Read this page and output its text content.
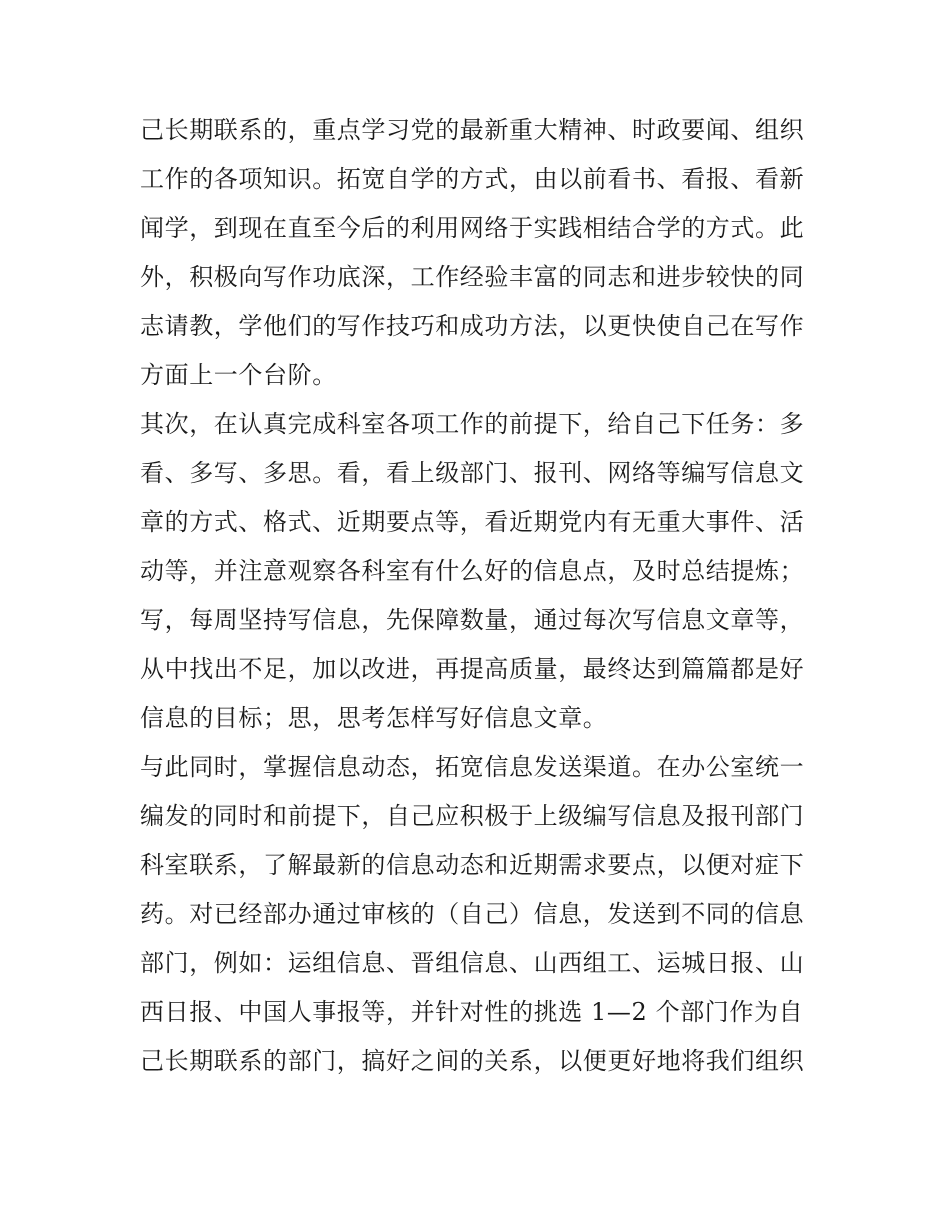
己长期联系的，重点学习党的最新重大精神、时政要闻、组织
工作的各项知识。拓宽自学的方式，由以前看书、看报、看新
闻学，到现在直至今后的利用网络于实践相结合学的方式。此
外，积极向写作功底深，工作经验丰富的同志和进步较快的同
志请教，学他们的写作技巧和成功方法，以更快使自己在写作
方面上一个台阶。
其次，在认真完成科室各项工作的前提下，给自己下任务：多
看、多写、多思。看，看上级部门、报刊、网络等编写信息文
章的方式、格式、近期要点等，看近期党内有无重大事件、活
动等，并注意观察各科室有什么好的信息点，及时总结提炼；
写，每周坚持写信息，先保障数量，通过每次写信息文章等，
从中找出不足，加以改进，再提高质量，最终达到篇篇都是好
信息的目标；思，思考怎样写好信息文章。
与此同时，掌握信息动态，拓宽信息发送渠道。在办公室统一
编发的同时和前提下，自己应积极于上级编写信息及报刊部门
科室联系，了解最新的信息动态和近期需求要点，以便对症下
药。对已经部办通过审核的（自己）信息，发送到不同的信息
部门，例如：运组信息、晋组信息、山西组工、运城日报、山
西日报、中国人事报等，并针对性的挑选 1—2 个部门作为自
己长期联系的部门，搞好之间的关系，以便更好地将我们组织
